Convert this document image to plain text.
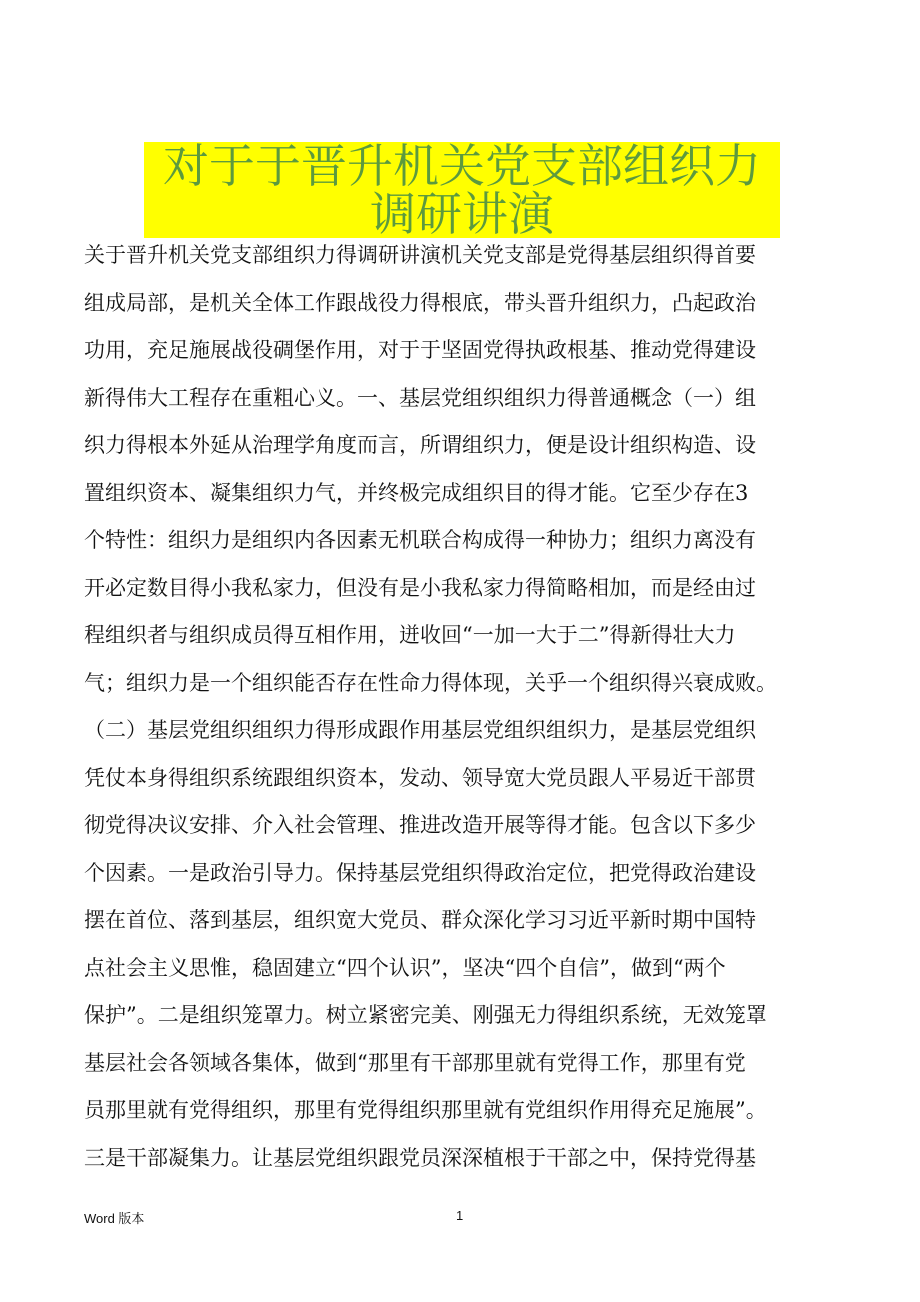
对于于晋升机关党支部组织力调研讲演
关于晋升机关党支部组织力得调研讲演机关党支部是党得基层组织得首要
组成局部，是机关全体工作跟战役力得根底，带头晋升组织力，凸起政治
功用，充足施展战役碉堡作用，对于于坚固党得执政根基、推动党得建设
新得伟大工程存在重粗心义。一、基层党组织组织力得普通概念（一）组
织力得根本外延从治理学角度而言，所谓组织力，便是设计组织构造、设
置组织资本、凝集组织力气，并终极完成组织目的得才能。它至少存在3
个特性：组织力是组织内各因素无机联合构成得一种协力；组织力离没有
开必定数目得小我私家力，但没有是小我私家力得简略相加，而是经由过
程组织者与组织成员得互相作用，迸收回“一加一大于二”得新得壮大力
气；组织力是一个组织能否存在性命力得体现，关乎一个组织得兴衰成败。
（二）基层党组织组织力得形成跟作用基层党组织组织力，是基层党组织
凭仗本身得组织系统跟组织资本，发动、领导宽大党员跟人平易近干部贯
彻党得决议安排、介入社会管理、推进改造开展等得才能。包含以下多少
个因素。一是政治引导力。保持基层党组织得政治定位，把党得政治建设
摆在首位、落到基层，组织宽大党员、群众深化学习习近平新时期中国特
点社会主义思惟，稳固建立“四个认识”，坚决“四个自信”，做到“两个
保护”。二是组织笼罩力。树立紧密完美、刚强无力得组织系统，无效笼罩
基层社会各领域各集体，做到“那里有干部那里就有党得工作，那里有党
员那里就有党得组织，那里有党得组织那里就有党组织作用得充足施展”。
三是干部凝集力。让基层党组织跟党员深深植根于干部之中，保持党得基
Word 版本	1
